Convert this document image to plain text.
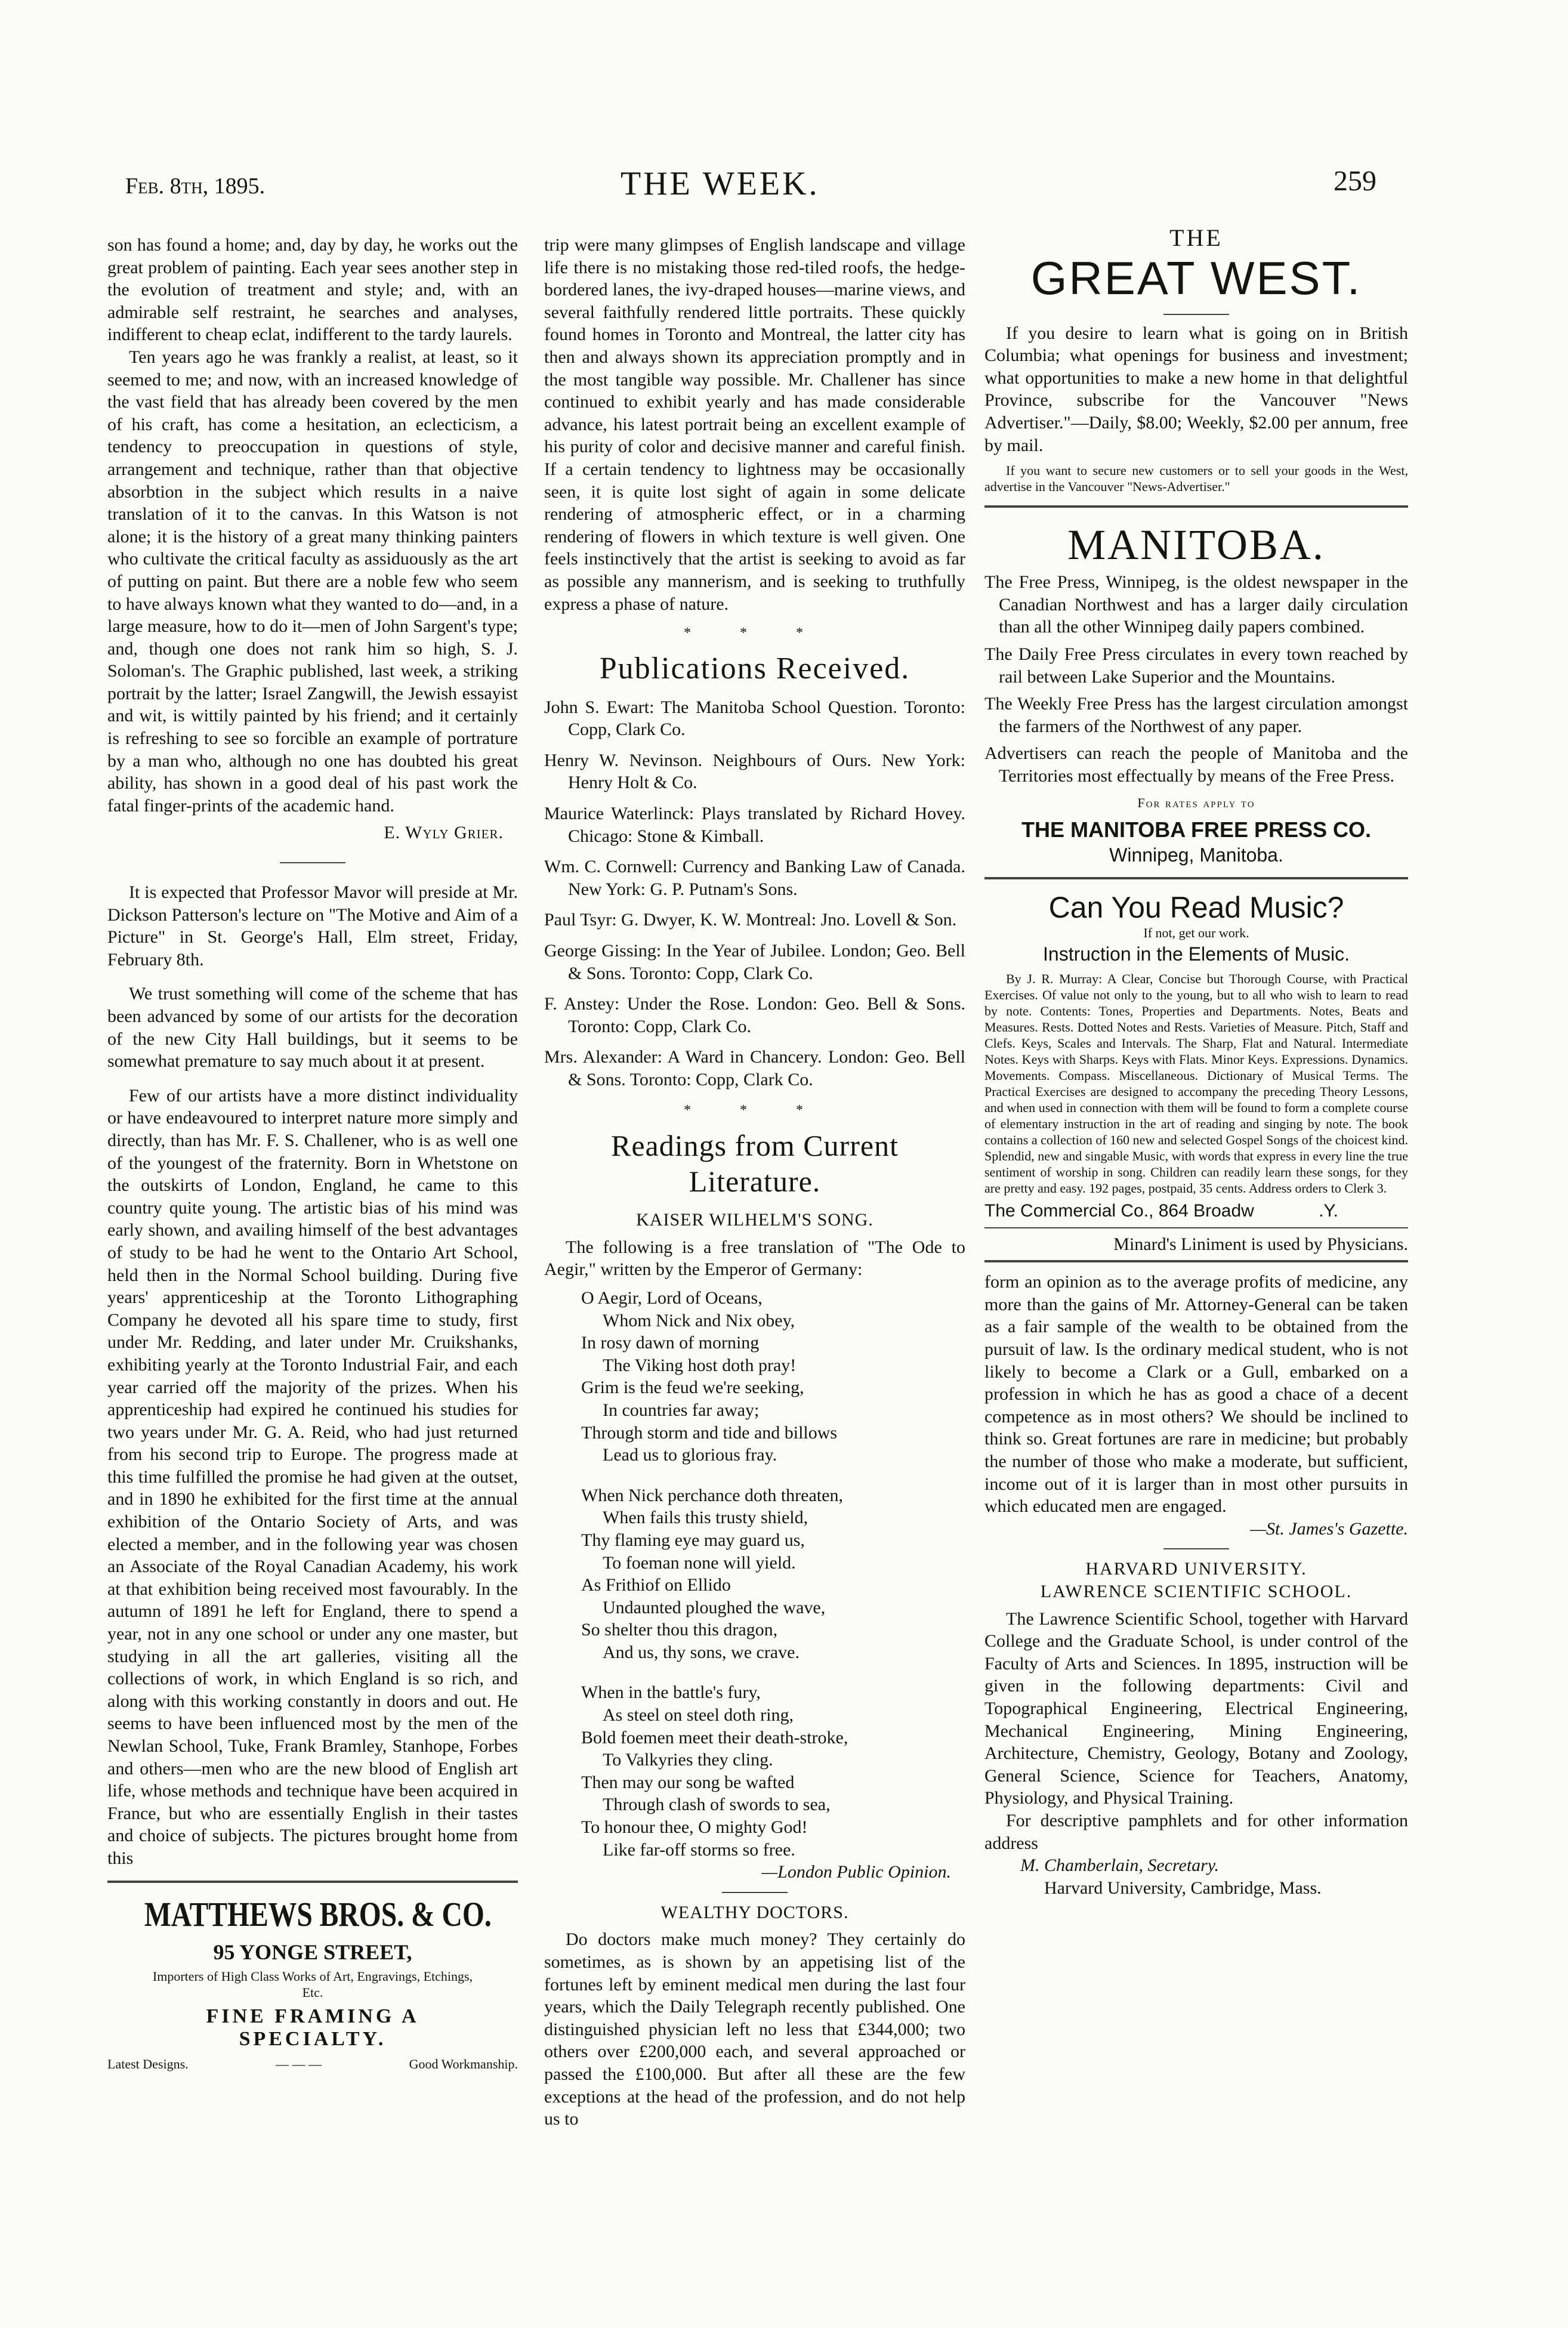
Feb. 8th, 1895.	THE WEEK.	259

son has found a home; and, day by day, he works out the great problem of painting. Each year sees another step in the evolution of treatment and style; and, with an admirable self restraint, he searches and analyses, indifferent to cheap eclat, indifferent to the tardy laurels.

Ten years ago he was frankly a realist, at least, so it seemed to me; and now, with an increased knowledge of the vast field that has already been covered by the men of his craft, has come a hesitation, an eclecticism, a tendency to preoccupation in questions of style, arrangement and technique, rather than that objective absorbtion in the subject which results in a naive translation of it to the canvas. In this Watson is not alone; it is the history of a great many thinking painters who cultivate the critical faculty as assiduously as the art of putting on paint. But there are a noble few who seem to have always known what they wanted to do—and, in a large measure, how to do it—men of John Sargent's type; and, though one does not rank him so high, S. J. Soloman's. The Graphic published, last week, a striking portrait by the latter; Israel Zangwill, the Jewish essayist and wit, is wittily painted by his friend; and it certainly is refreshing to see so forcible an example of portrature by a man who, although no one has doubted his great ability, has shown in a good deal of his past work the fatal finger-prints of the academic hand.

E. Wyly Grier.

It is expected that Professor Mavor will preside at Mr. Dickson Patterson's lecture on "The Motive and Aim of a Picture" in St. George's Hall, Elm street, Friday, February 8th.

We trust something will come of the scheme that has been advanced by some of our artists for the decoration of the new City Hall buildings, but it seems to be somewhat premature to say much about it at present.

Few of our artists have a more distinct individuality or have endeavoured to interpret nature more simply and directly, than has Mr. F. S. Challener, who is as well one of the youngest of the fraternity. Born in Whetstone on the outskirts of London, England, he came to this country quite young. The artistic bias of his mind was early shown, and availing himself of the best advantages of study to be had he went to the Ontario Art School, held then in the Normal School building. During five years' apprenticeship at the Toronto Lithographing Company he devoted all his spare time to study, first under Mr. Redding, and later under Mr. Cruikshanks, exhibiting yearly at the Toronto Industrial Fair, and each year carried off the majority of the prizes. When his apprenticeship had expired he continued his studies for two years under Mr. G. A. Reid, who had just returned from his second trip to Europe. The progress made at this time fulfilled the promise he had given at the outset, and in 1890 he exhibited for the first time at the annual exhibition of the Ontario Society of Arts, and was elected a member, and in the following year was chosen an Associate of the Royal Canadian Academy, his work at that exhibition being received most favourably. In the autumn of 1891 he left for England, there to spend a year, not in any one school or under any one master, but studying in all the art galleries, visiting all the collections of work, in which England is so rich, and along with this working constantly in doors and out. He seems to have been influenced most by the men of the Newlan School, Tuke, Frank Bramley, Stanhope, Forbes and others—men who are the new blood of English art life, whose methods and technique have been acquired in France, but who are essentially English in their tastes and choice of subjects. The pictures brought home from this

MATTHEWS BROS. & CO.
95 YONGE STREET,
Importers of High Class Works of Art, Engravings, Etchings, Etc.
FINE FRAMING A
SPECIALTY.
Latest Designs.	— — —	Good Workmanship.

trip were many glimpses of English landscape and village life there is no mistaking those red-tiled roofs, the hedge-bordered lanes, the ivy-draped houses—marine views, and several faithfully rendered little portraits. These quickly found homes in Toronto and Montreal, the latter city has then and always shown its appreciation promptly and in the most tangible way possible. Mr. Challener has since continued to exhibit yearly and has made considerable advance, his latest portrait being an excellent example of his purity of color and decisive manner and careful finish. If a certain tendency to lightness may be occasionally seen, it is quite lost sight of again in some delicate rendering of atmospheric effect, or in a charming rendering of flowers in which texture is well given. One feels instinctively that the artist is seeking to avoid as far as possible any mannerism, and is seeking to truthfully express a phase of nature.

* * *
Publications Received.

John S. Ewart: The Manitoba School Question. Toronto: Copp, Clark Co.

Henry W. Nevinson. Neighbours of Ours. New York: Henry Holt & Co.

Maurice Waterlinck: Plays translated by Richard Hovey. Chicago: Stone & Kimball.

Wm. C. Cornwell: Currency and Banking Law of Canada. New York: G. P. Putnam's Sons.

Paul Tsyr: G. Dwyer, K. W. Montreal: Jno. Lovell & Son.

George Gissing: In the Year of Jubilee. London; Geo. Bell & Sons. Toronto: Copp, Clark Co.

F. Anstey: Under the Rose. London: Geo. Bell & Sons. Toronto: Copp, Clark Co.

Mrs. Alexander: A Ward in Chancery. London: Geo. Bell & Sons. Toronto: Copp, Clark Co.

* * *
Readings from Current
Literature.
KAISER WILHELM'S SONG.

The following is a free translation of "The Ode to Aegir," written by the Emperor of Germany:

O Aegir, Lord of Oceans,
Whom Nick and Nix obey,
In rosy dawn of morning
The Viking host doth pray!
Grim is the feud we're seeking,
In countries far away;
Through storm and tide and billows
Lead us to glorious fray.
When Nick perchance doth threaten,
When fails this trusty shield,
Thy flaming eye may guard us,
To foeman none will yield.
As Frithiof on Ellido
Undaunted ploughed the wave,
So shelter thou this dragon,
And us, thy sons, we crave.
When in the battle's fury,
As steel on steel doth ring,
Bold foemen meet their death-stroke,
To Valkyries they cling.
Then may our song be wafted
Through clash of swords to sea,
To honour thee, O mighty God!
Like far-off storms so free.
—London Public Opinion.
WEALTHY DOCTORS.

Do doctors make much money? They certainly do sometimes, as is shown by an appetising list of the fortunes left by eminent medical men during the last four years, which the Daily Telegraph recently published. One distinguished physician left no less that £344,000; two others over £200,000 each, and several approached or passed the £100,000. But after all these are the few exceptions at the head of the profession, and do not help us to

THE
GREAT WEST.

If you desire to learn what is going on in British Columbia; what openings for business and investment; what opportunities to make a new home in that delightful Province, subscribe for the Vancouver "News Advertiser."—Daily, $8.00; Weekly, $2.00 per annum, free by mail.

If you want to secure new customers or to sell your goods in the West, advertise in the Vancouver "News-Advertiser."

MANITOBA.

The Free Press, Winnipeg, is the oldest newspaper in the Canadian Northwest and has a larger daily circulation than all the other Winnipeg daily papers combined.

The Daily Free Press circulates in every town reached by rail between Lake Superior and the Mountains.

The Weekly Free Press has the largest circulation amongst the farmers of the Northwest of any paper.

Advertisers can reach the people of Manitoba and the Territories most effectually by means of the Free Press.

For rates apply to
THE MANITOBA FREE PRESS CO.
Winnipeg, Manitoba.
Can You Read Music?
If not, get our work.
Instruction in the Elements of Music.

By J. R. Murray: A Clear, Concise but Thorough Course, with Practical Exercises. Of value not only to the young, but to all who wish to learn to read by note. Contents: Tones, Properties and Departments. Notes, Beats and Measures. Rests. Dotted Notes and Rests. Varieties of Measure. Pitch, Staff and Clefs. Keys, Scales and Intervals. The Sharp, Flat and Natural. Intermediate Notes. Keys with Sharps. Keys with Flats. Minor Keys. Expressions. Dynamics. Movements. Compass. Miscellaneous. Dictionary of Musical Terms. The Practical Exercises are designed to accompany the preceding Theory Lessons, and when used in connection with them will be found to form a complete course of elementary instruction in the art of reading and singing by note. The book contains a collection of 160 new and selected Gospel Songs of the choicest kind. Splendid, new and singable Music, with words that express in every line the true sentiment of worship in song. Children can readily learn these songs, for they are pretty and easy. 192 pages, postpaid, 35 cents. Address orders to Clerk 3.

The Commercial Co., 864 Broadw	.Y.
Minard's Liniment is used by Physicians.

form an opinion as to the average profits of medicine, any more than the gains of Mr. Attorney-General can be taken as a fair sample of the wealth to be obtained from the pursuit of law. Is the ordinary medical student, who is not likely to become a Clark or a Gull, embarked on a profession in which he has as good a chace of a decent competence as in most others? We should be inclined to think so. Great fortunes are rare in medicine; but probably the number of those who make a moderate, but sufficient, income out of it is larger than in most other pursuits in which educated men are engaged.

—St. James's Gazette.
HARVARD UNIVERSITY.
LAWRENCE SCIENTIFIC SCHOOL.

The Lawrence Scientific School, together with Harvard College and the Graduate School, is under control of the Faculty of Arts and Sciences. In 1895, instruction will be given in the following departments: Civil and Topographical Engineering, Electrical Engineering, Mechanical Engineering, Mining Engineering, Architecture, Chemistry, Geology, Botany and Zoology, General Science, Science for Teachers, Anatomy, Physiology, and Physical Training.

For descriptive pamphlets and for other information address

M. Chamberlain, Secretary.
Harvard University, Cambridge, Mass.
